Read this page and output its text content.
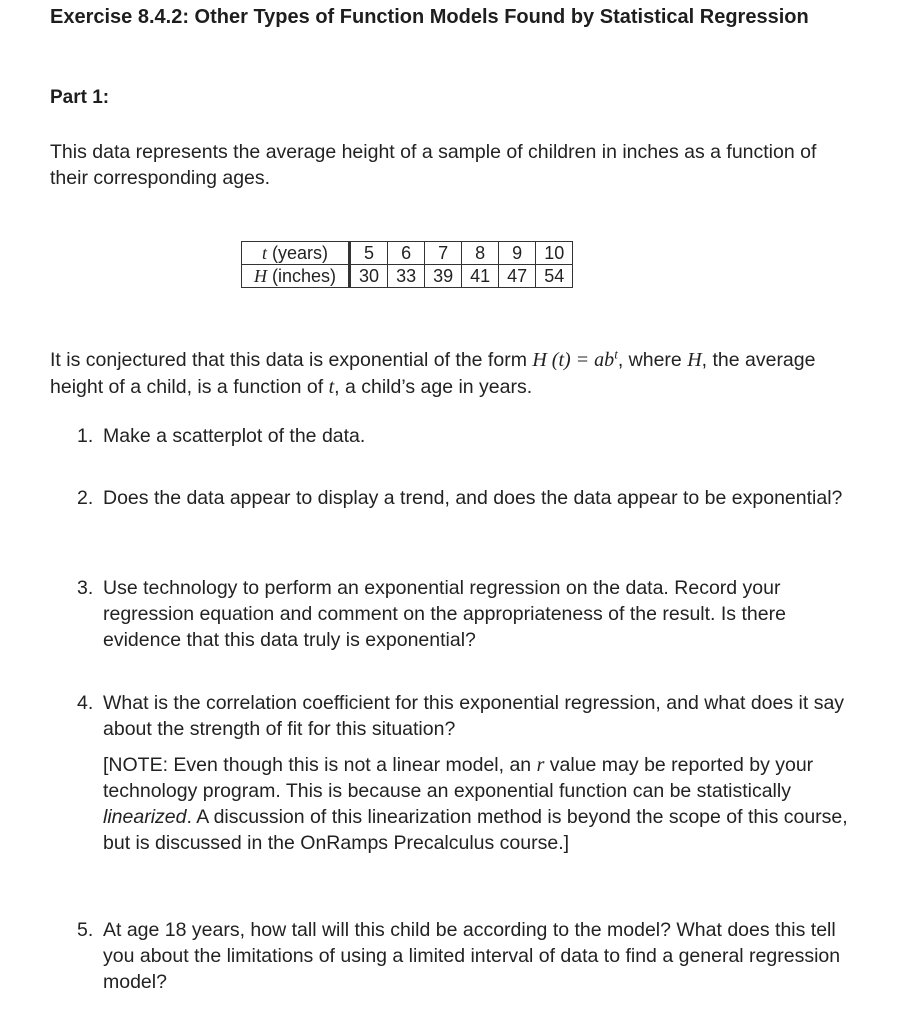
Exercise 8.4.2: Other Types of Function Models Found by Statistical Regression
Part 1:
This data represents the average height of a sample of children in inches as a function of their corresponding ages.
t (years)	5	6	7	8	9	10
H (inches)	30	33	39	41	47	54
It is conjectured that this data is exponential of the form H $(t) = ab^t$, where H, the average height of a child, is a function of t, a child’s age in years.
1. Make a scatterplot of the data.
2. Does the data appear to display a trend, and does the data appear to be exponential?
3. Use technology to perform an exponential regression on the data. Record your regression equation and comment on the appropriateness of the result. Is there evidence that this data truly is exponential?
4. What is the correlation coefficient for this exponential regression, and what does it say about the strength of fit for this situation?
[NOTE: Even though this is not a linear model, an r value may be reported by your technology program. This is because an exponential function can be statistically linearized. A discussion of this linearization method is beyond the scope of this course, but is discussed in the OnRamps Precalculus course.]
5. At age 18 years, how tall will this child be according to the model? What does this tell you about the limitations of using a limited interval of data to find a general regression model?
